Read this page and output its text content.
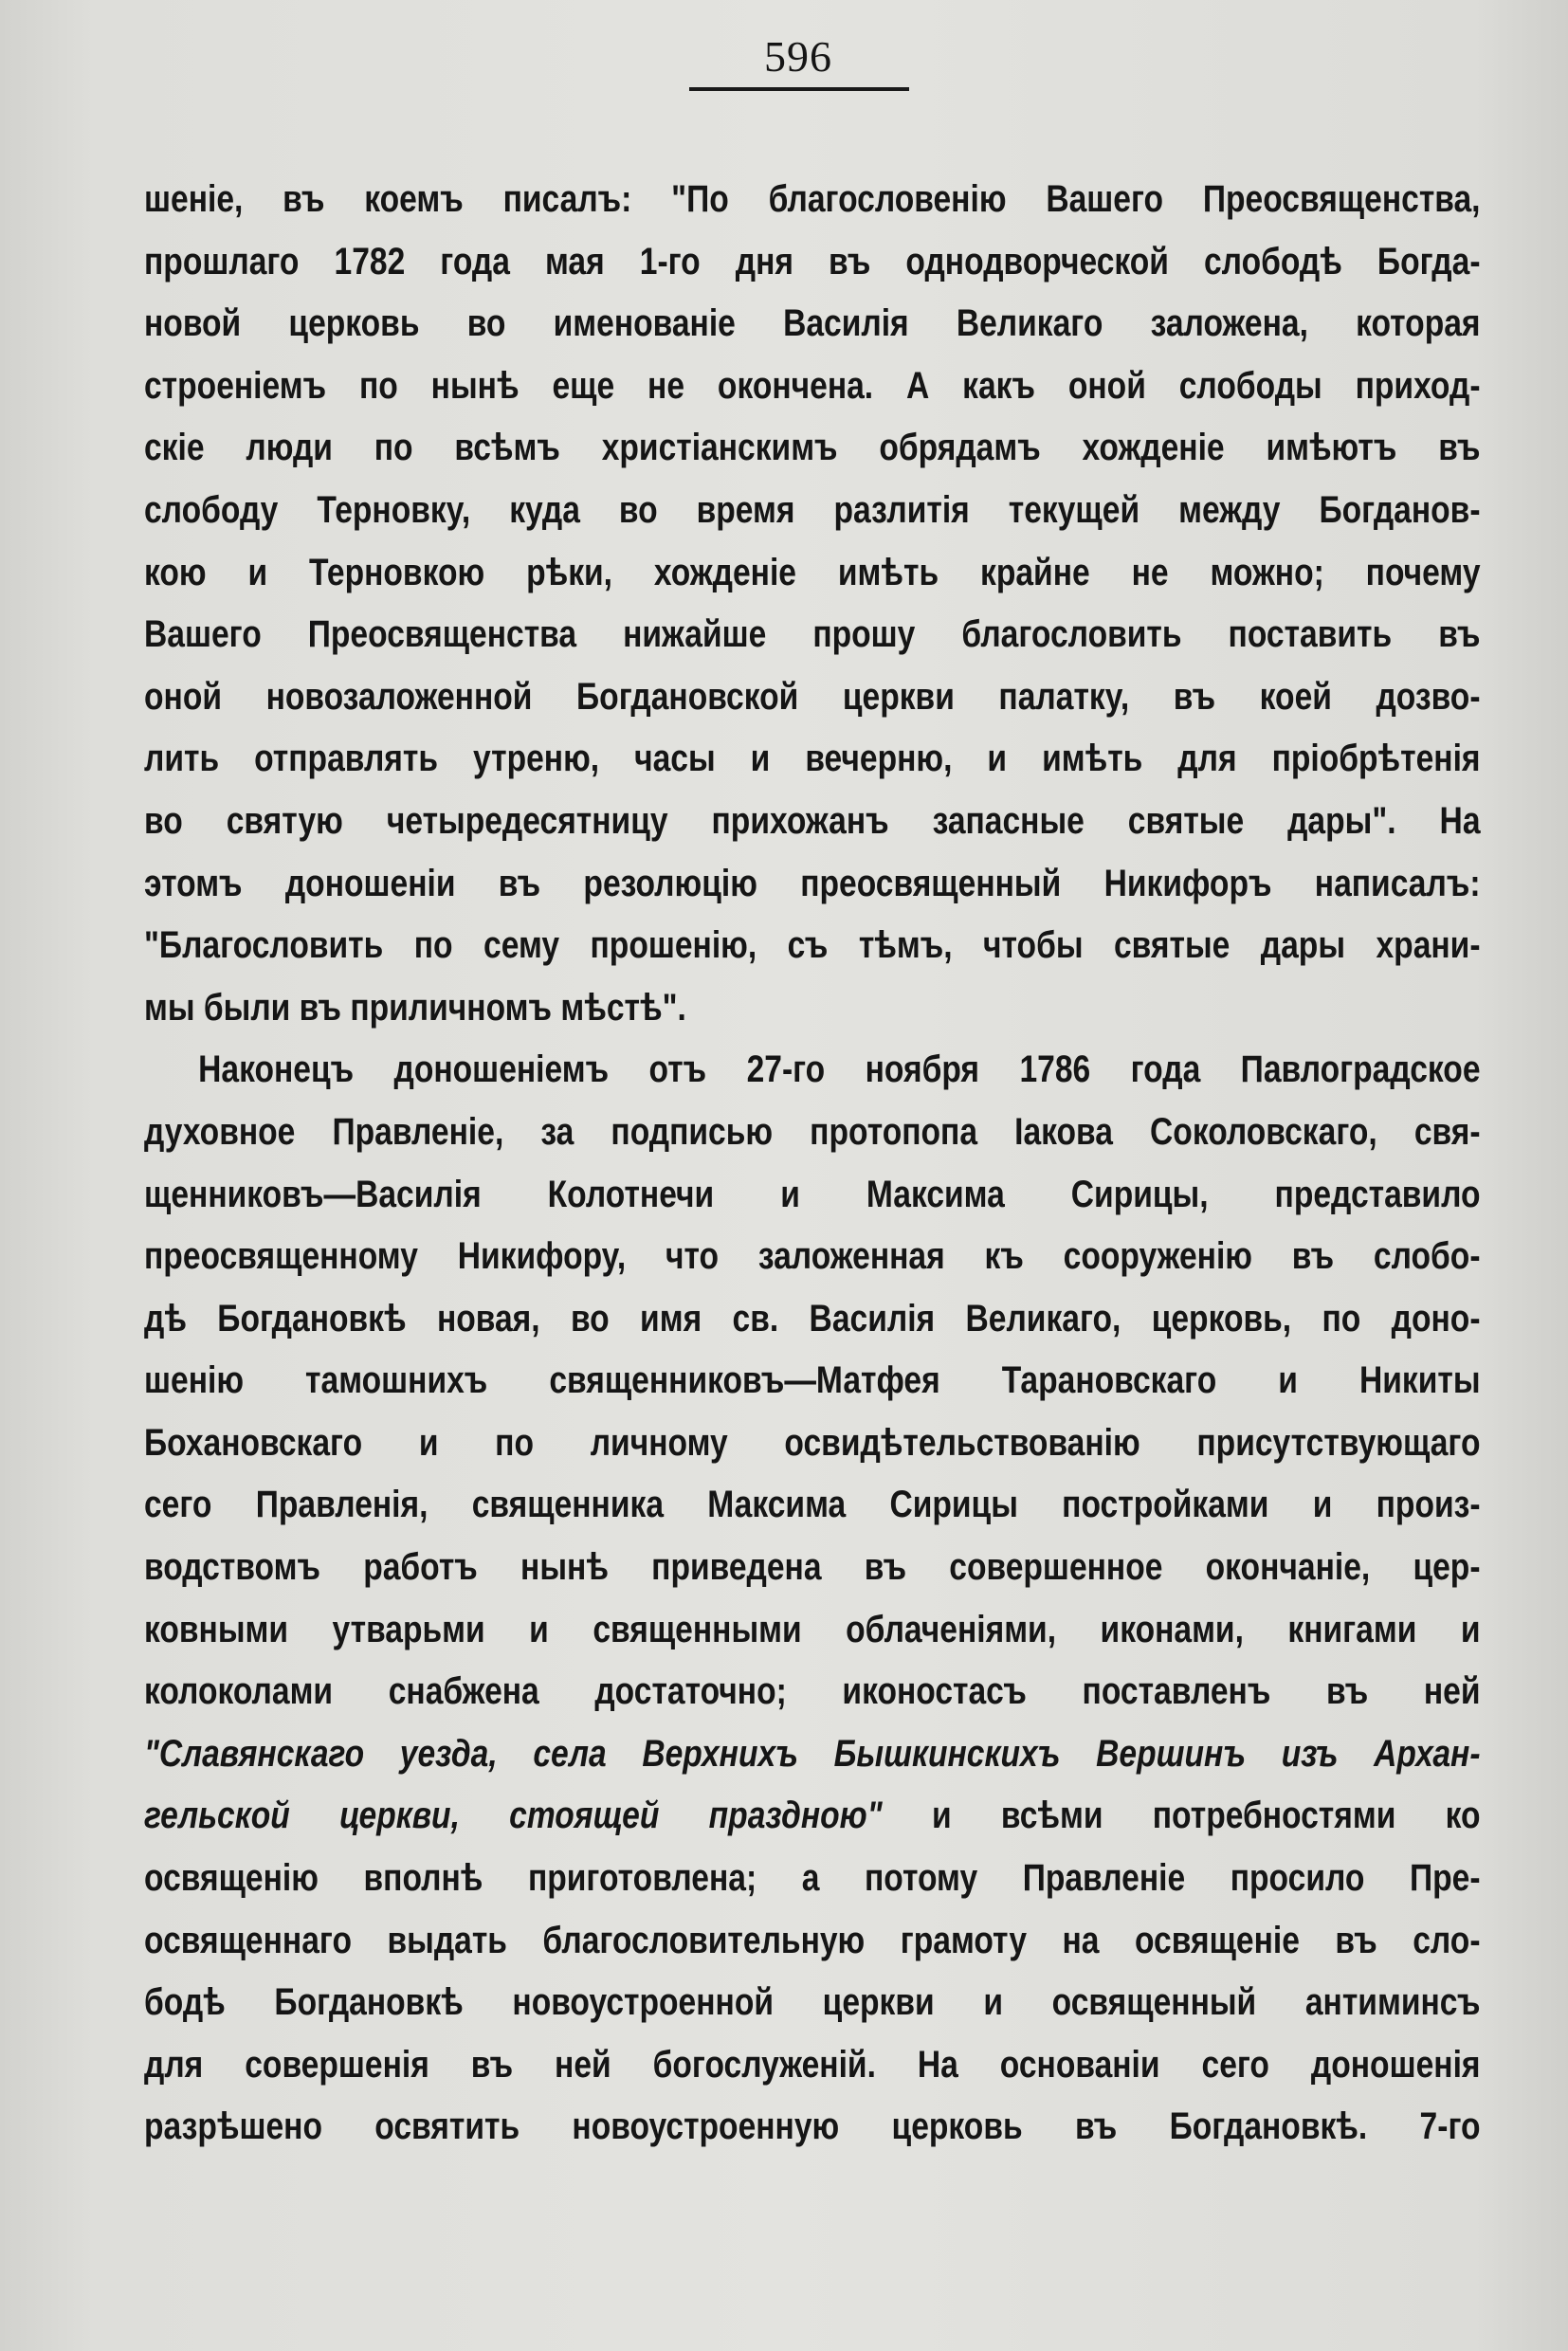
596
шеніе, въ коемъ писалъ: "По благословенію Вашего Преосвященства,
прошлаго 1782 года мая 1-го дня въ однодворческой слободѣ Богда-
новой церковь во именованіе Василія Великаго заложена, которая
строеніемъ по нынѣ еще не окончена. А какъ оной слободы приход-
скіе люди по всѣмъ христіанскимъ обрядамъ хожденіе имѣютъ въ
слободу Терновку, куда во время разлитія текущей между Богданов-
кою и Терновкою рѣки, хожденіе имѣть крайне не можно; почему
Вашего Преосвященства нижайше прошу благословить поставить въ
оной новозаложенной Богдановской церкви палатку, въ коей дозво-
лить отправлять утреню, часы и вечерню, и имѣть для пріобрѣтенія
во святую четыредесятницу прихожанъ запасные святые дары". На
этомъ доношеніи въ резолюцію преосвященный Никифоръ написалъ:
"Благословить по сему прошенію, съ тѣмъ, чтобы святые дары храни-
мы были въ приличномъ мѣстѣ".
Наконецъ доношеніемъ отъ 27-го ноября 1786 года Павлоградское
духовное Правленіе, за подписью протопопа Іакова Соколовскаго, свя-
щенниковъ—Василія Колотнечи и Максима Сирицы, представило
преосвященному Никифору, что заложенная къ сооруженію въ слобо-
дѣ Богдановкѣ новая, во имя св. Василія Великаго, церковь, по доно-
шенію тамошнихъ священниковъ—Матфея Тарановскаго и Никиты
Бохановскаго и по личному освидѣтельствованію присутствующаго
сего Правленія, священника Максима Сирицы постройками и произ-
водствомъ работъ нынѣ приведена въ совершенное окончаніе, цер-
ковными утварьми и священными облаченіями, иконами, книгами и
колоколами снабжена достаточно; иконостасъ поставленъ въ ней
"Славянскаго уезда, села Верхнихъ Бышкинскихъ Вершинъ изъ Архан-
гельской церкви, стоящей праздною" и всѣми потребностями ко
освященію вполнѣ приготовлена; а потому Правленіе просило Пре-
освященнаго выдать благословительную грамоту на освященіе въ сло-
бодѣ Богдановкѣ новоустроенной церкви и освященный антиминсъ
для совершенія въ ней богослуженій. На основаніи сего доношенія
разрѣшено освятить новоустроенную церковь въ Богдановкѣ. 7-го
